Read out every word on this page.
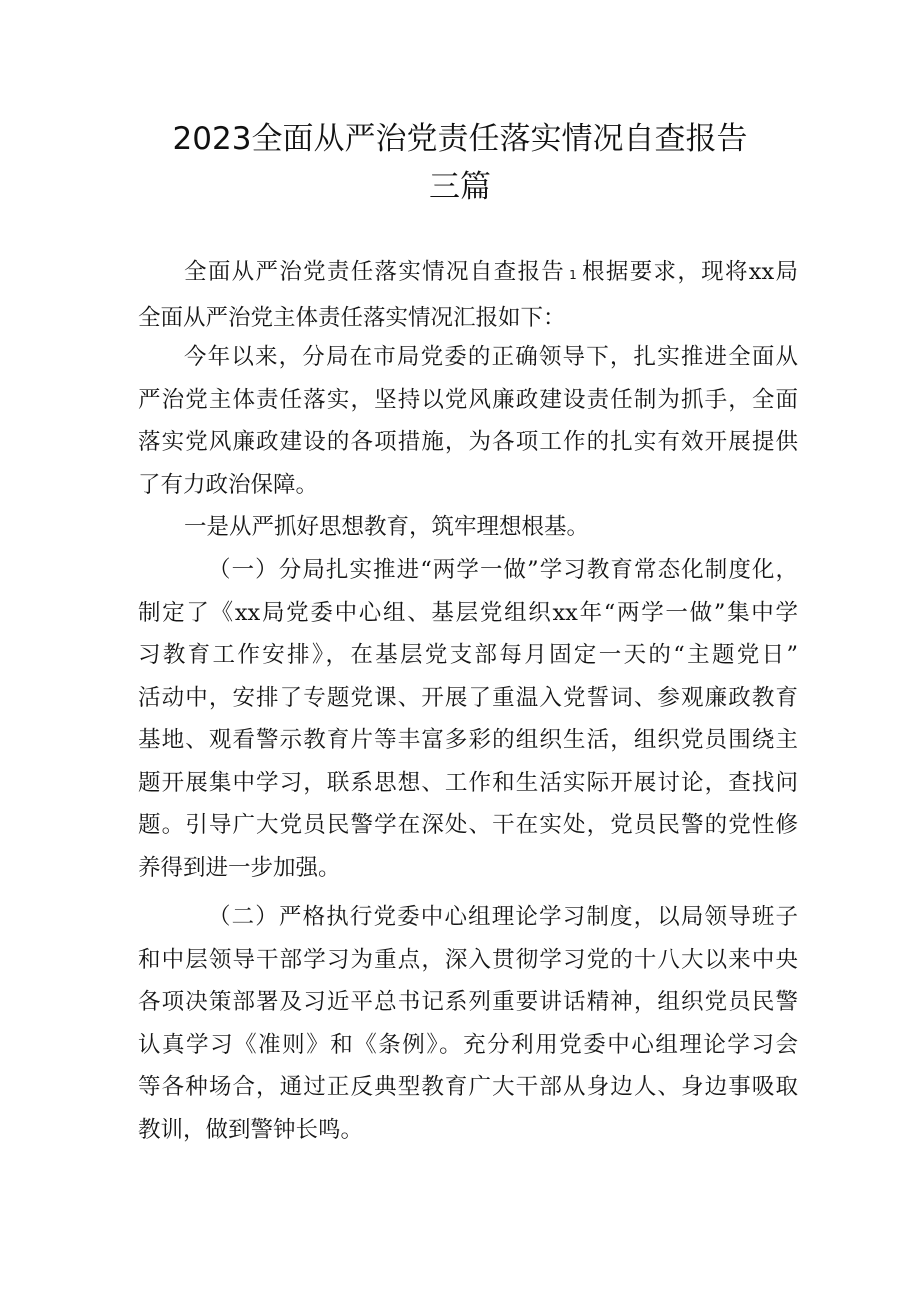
2023全面从严治党责任落实情况自查报告
三篇
全面从严治党责任落实情况自查报告 1 根据要求，现将xx局
全面从严治党主体责任落实情况汇报如下：
今年以来，分局在市局党委的正确领导下，扎实推进全面从
严治党主体责任落实，坚持以党风廉政建设责任制为抓手，全面
落实党风廉政建设的各项措施，为各项工作的扎实有效开展提供
了有力政治保障。
一是从严抓好思想教育，筑牢理想根基。
（一）分局扎实推进“两学一做”学习教育常态化制度化，
制定了《xx局党委中心组、基层党组织xx年“两学一做”集中学
习教育工作安排》，在基层党支部每月固定一天的“主题党日”
活动中，安排了专题党课、开展了重温入党誓词、参观廉政教育
基地、观看警示教育片等丰富多彩的组织生活，组织党员围绕主
题开展集中学习，联系思想、工作和生活实际开展讨论，查找问
题。引导广大党员民警学在深处、干在实处，党员民警的党性修
养得到进一步加强。
（二）严格执行党委中心组理论学习制度，以局领导班子
和中层领导干部学习为重点，深入贯彻学习党的十八大以来中央
各项决策部署及习近平总书记系列重要讲话精神，组织党员民警
认真学习《准则》和《条例》。充分利用党委中心组理论学习会
等各种场合，通过正反典型教育广大干部从身边人、身边事吸取
教训，做到警钟长鸣。
